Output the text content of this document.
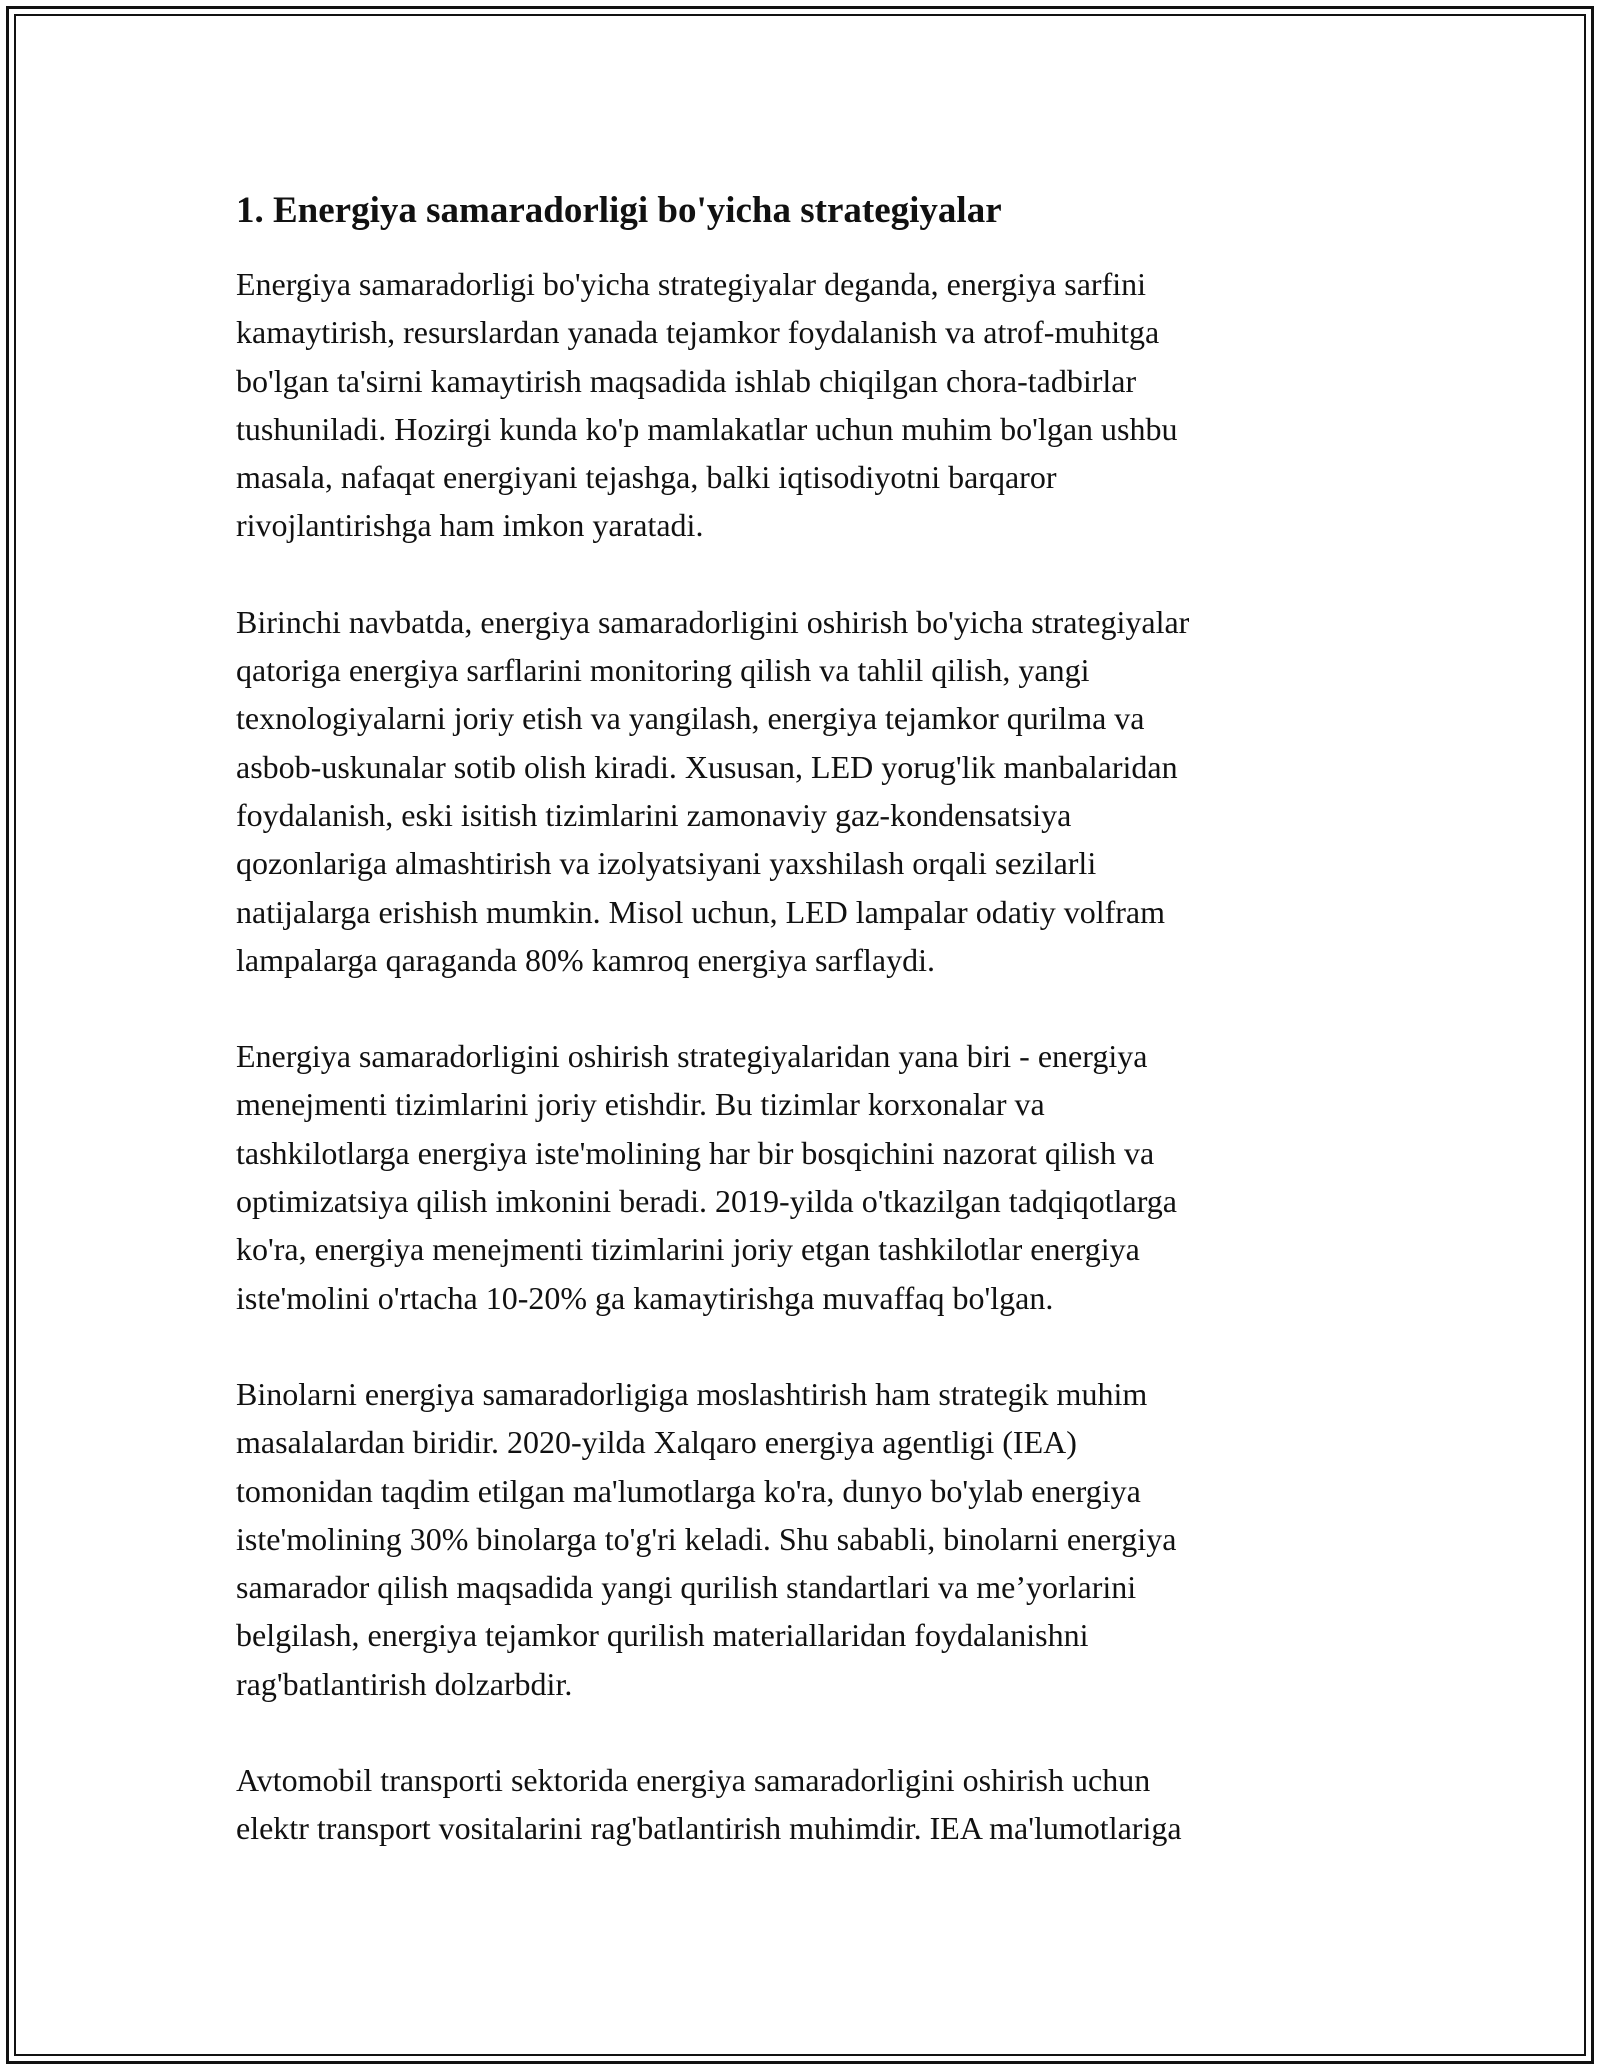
1. Energiya samaradorligi bo'yicha strategiyalar

Energiya samaradorligi bo'yicha strategiyalar deganda, energiya sarfini
kamaytirish, resurslardan yanada tejamkor foydalanish va atrof-muhitga
bo'lgan ta'sirni kamaytirish maqsadida ishlab chiqilgan chora-tadbirlar
tushuniladi. Hozirgi kunda ko'p mamlakatlar uchun muhim bo'lgan ushbu
masala, nafaqat energiyani tejashga, balki iqtisodiyotni barqaror
rivojlantirishga ham imkon yaratadi.

Birinchi navbatda, energiya samaradorligini oshirish bo'yicha strategiyalar
qatoriga energiya sarflarini monitoring qilish va tahlil qilish, yangi
texnologiyalarni joriy etish va yangilash, energiya tejamkor qurilma va
asbob-uskunalar sotib olish kiradi. Xususan, LED yorug'lik manbalaridan
foydalanish, eski isitish tizimlarini zamonaviy gaz-kondensatsiya
qozonlariga almashtirish va izolyatsiyani yaxshilash orqali sezilarli
natijalarga erishish mumkin. Misol uchun, LED lampalar odatiy volfram
lampalarga qaraganda 80% kamroq energiya sarflaydi.

Energiya samaradorligini oshirish strategiyalaridan yana biri - energiya
menejmenti tizimlarini joriy etishdir. Bu tizimlar korxonalar va
tashkilotlarga energiya iste'molining har bir bosqichini nazorat qilish va
optimizatsiya qilish imkonini beradi. 2019-yilda o'tkazilgan tadqiqotlarga
ko'ra, energiya menejmenti tizimlarini joriy etgan tashkilotlar energiya
iste'molini o'rtacha 10-20% ga kamaytirishga muvaffaq bo'lgan.

Binolarni energiya samaradorligiga moslashtirish ham strategik muhim
masalalardan biridir. 2020-yilda Xalqaro energiya agentligi (IEA)
tomonidan taqdim etilgan ma'lumotlarga ko'ra, dunyo bo'ylab energiya
iste'molining 30% binolarga to'g'ri keladi. Shu sababli, binolarni energiya
samarador qilish maqsadida yangi qurilish standartlari va me’yorlarini
belgilash, energiya tejamkor qurilish materiallaridan foydalanishni
rag'batlantirish dolzarbdir.

Avtomobil transporti sektorida energiya samaradorligini oshirish uchun
elektr transport vositalarini rag'batlantirish muhimdir. IEA ma'lumotlariga
